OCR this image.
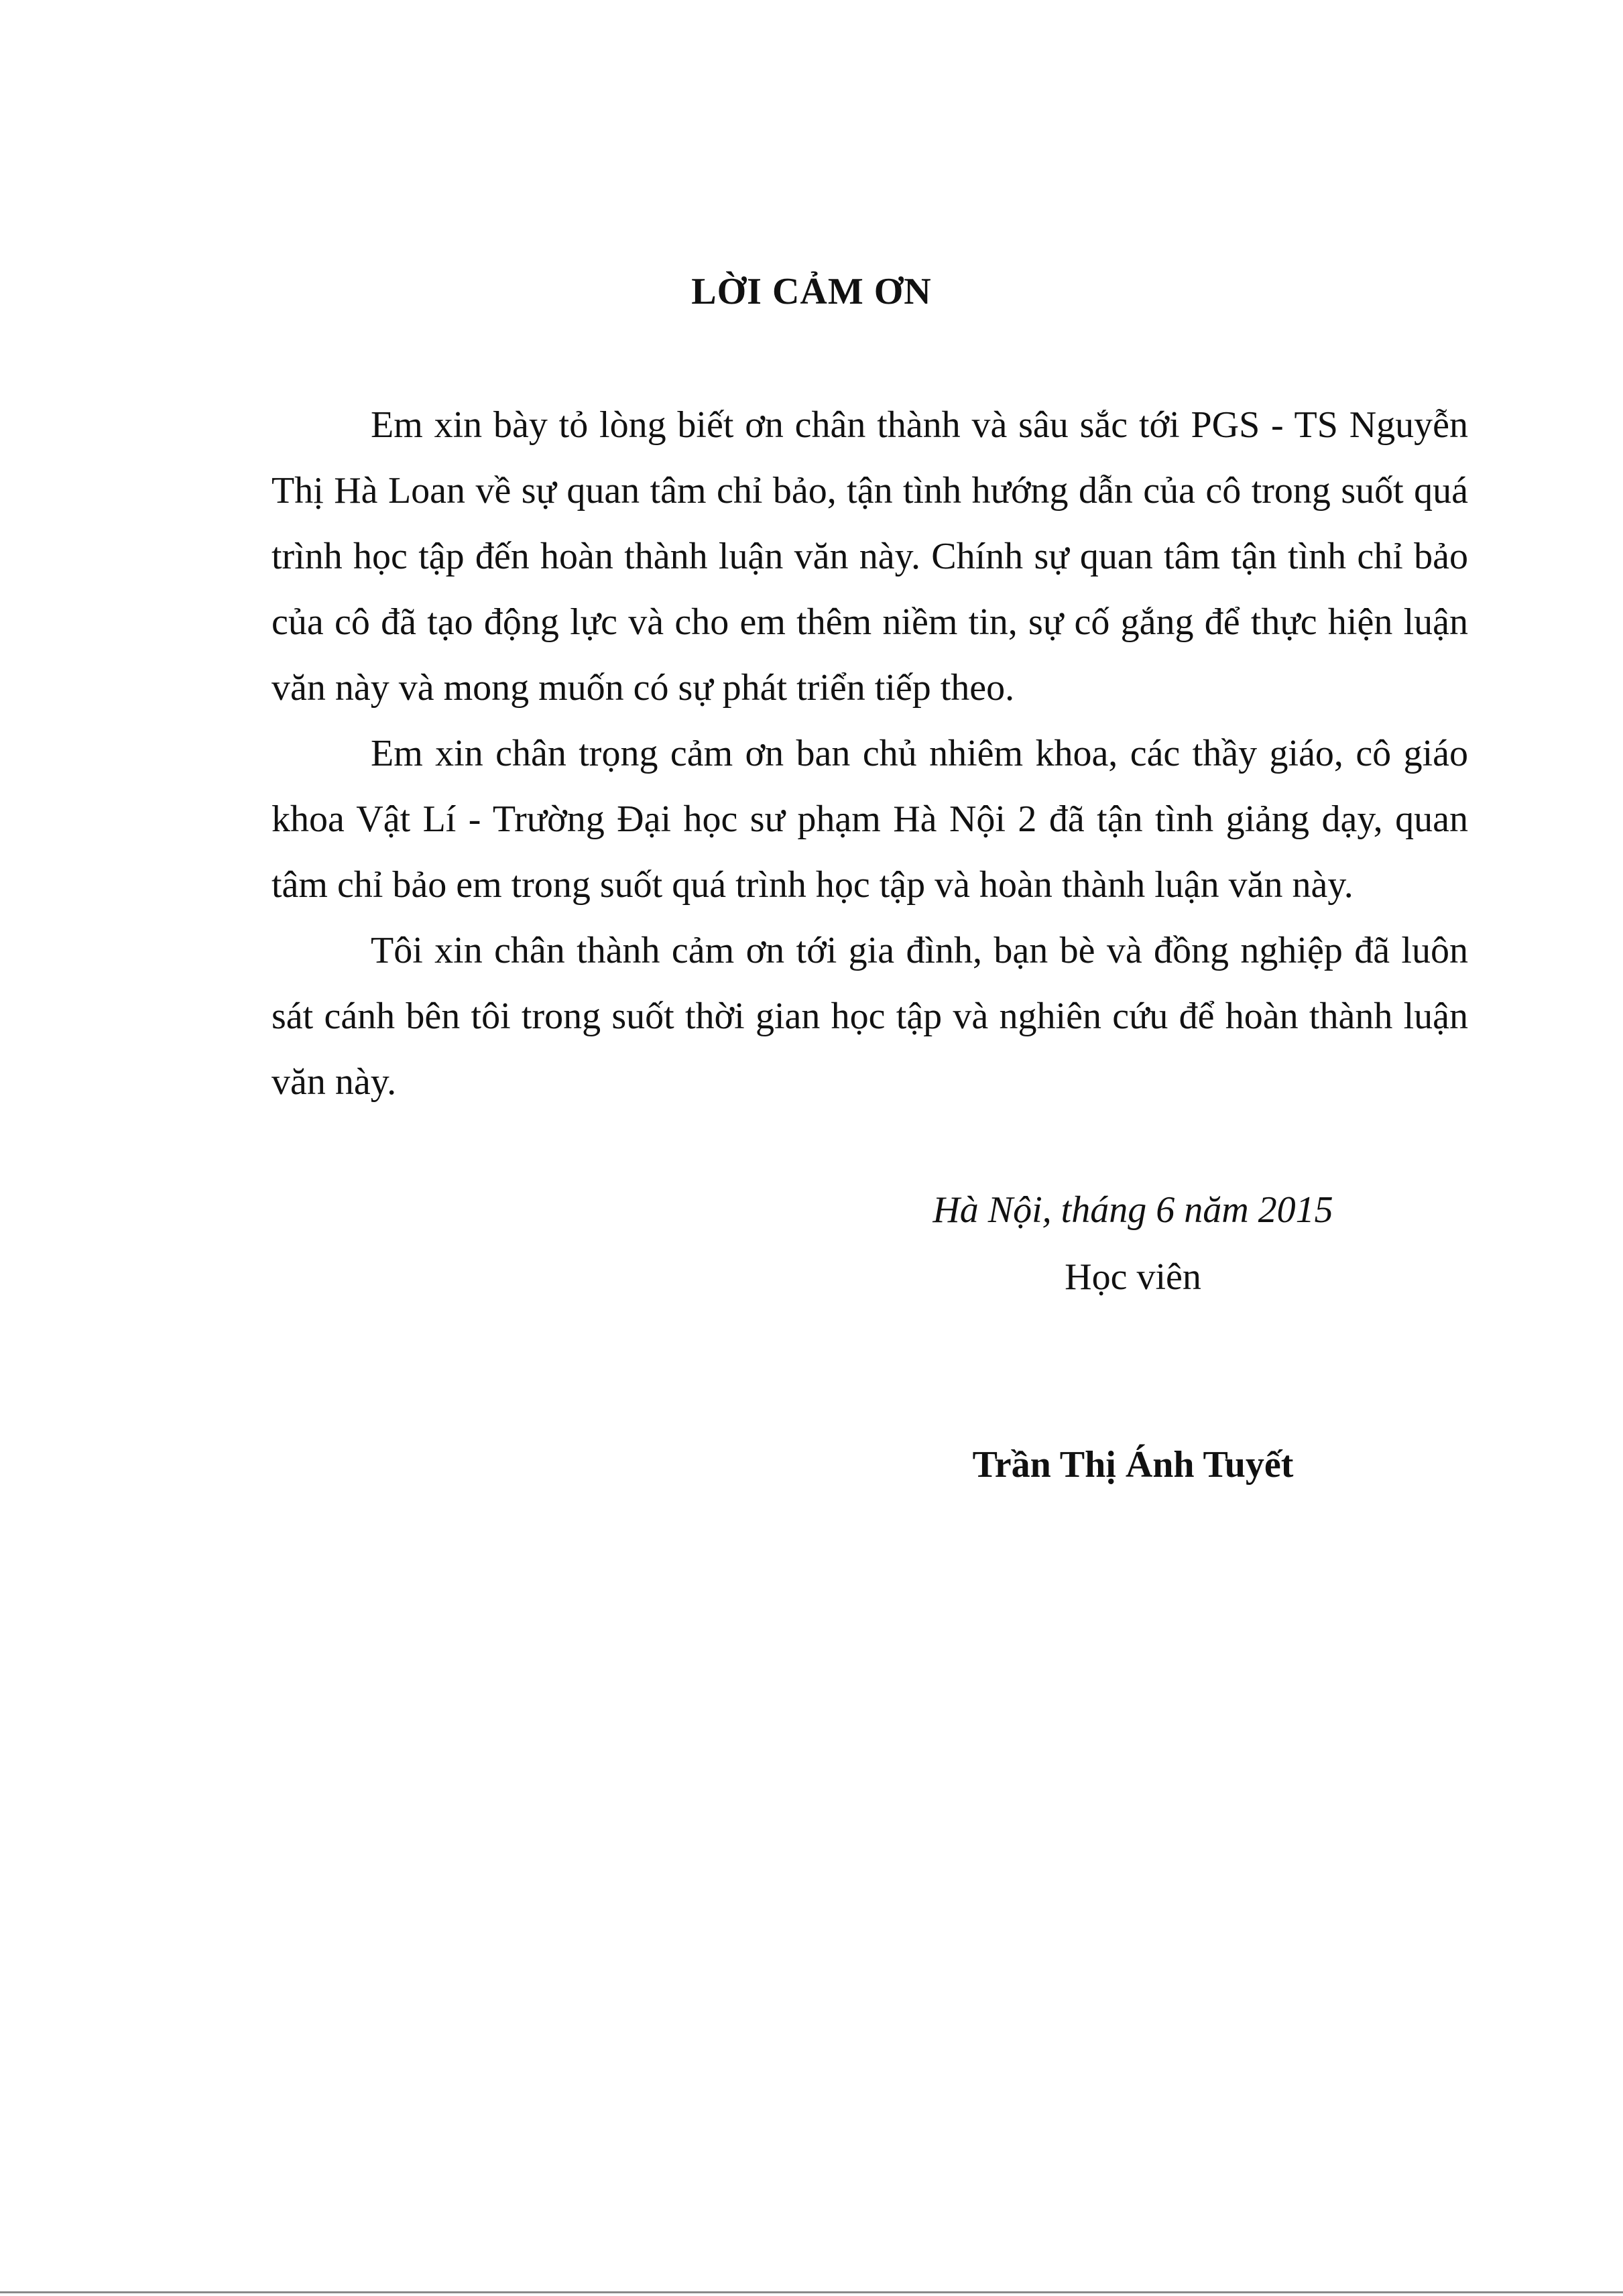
LỜI CẢM ƠN

Em xin bày tỏ lòng biết ơn chân thành và sâu sắc tới PGS - TS Nguyễn Thị Hà Loan về sự quan tâm chỉ bảo, tận tình hướng dẫn của cô trong suốt quá trình học tập đến hoàn thành luận văn này. Chính sự quan tâm tận tình chỉ bảo của cô đã tạo động lực và cho em thêm niềm tin, sự cố gắng để thực hiện luận văn này và mong muốn có sự phát triển tiếp theo.

Em xin chân trọng cảm ơn ban chủ nhiêm khoa, các thầy giáo, cô giáo khoa Vật Lí - Trường Đại học sư phạm Hà Nội 2 đã tận tình giảng dạy, quan tâm chỉ bảo em trong suốt quá trình học tập và hoàn thành luận văn này.

Tôi xin chân thành cảm ơn tới gia đình, bạn bè và đồng nghiệp đã luôn sát cánh bên tôi trong suốt thời gian học tập và nghiên cứu để hoàn thành luận văn này.

Hà Nội, tháng 6 năm 2015

Học viên

Trần Thị Ánh Tuyết
